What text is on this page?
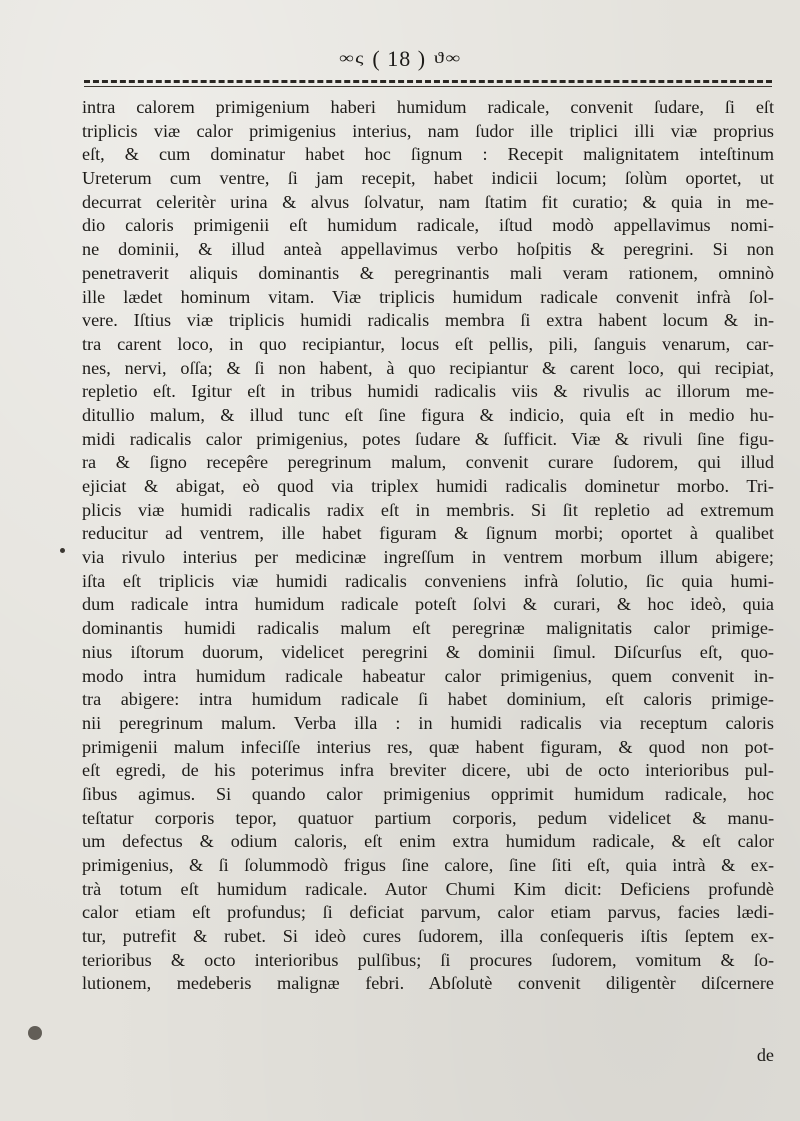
∞ς ( 18 ) ϑ∞
intra calorem primigenium haberi humidum radicale, convenit ſudare, ſi eſt
triplicis viæ calor primigenius interius, nam ſudor ille triplici illi viæ proprius
eſt, & cum dominatur habet hoc ſignum : Recepit malignitatem inteſtinum
Ureterum cum ventre, ſi jam recepit, habet indicii locum; ſolùm oportet, ut
decurrat celeritèr urina & alvus ſolvatur, nam ſtatim fit curatio; & quia in me-
dio caloris primigenii eſt humidum radicale, iſtud modò appellavimus nomi-
ne dominii, & illud anteà appellavimus verbo hoſpitis & peregrini. Si non
penetraverit aliquis dominantis & peregrinantis mali veram rationem, omninò
ille lædet hominum vitam. Viæ triplicis humidum radicale convenit infrà ſol-
vere. Iſtius viæ triplicis humidi radicalis membra ſi extra habent locum & in-
tra carent loco, in quo recipiantur, locus eſt pellis, pili, ſanguis venarum, car-
nes, nervi, oſſa; & ſi non habent, à quo recipiantur & carent loco, qui recipiat,
repletio eſt. Igitur eſt in tribus humidi radicalis viis & rivulis ac illorum me-
ditullio malum, & illud tunc eſt ſine figura & indicio, quia eſt in medio hu-
midi radicalis calor primigenius, potes ſudare & ſufficit. Viæ & rivuli ſine figu-
ra & ſigno recepêre peregrinum malum, convenit curare ſudorem, qui illud
ejiciat & abigat, eò quod via triplex humidi radicalis dominetur morbo. Tri-
plicis viæ humidi radicalis radix eſt in membris. Si ſit repletio ad extremum
reducitur ad ventrem, ille habet figuram & ſignum morbi; oportet à qualibet
via rivulo interius per medicinæ ingreſſum in ventrem morbum illum abigere;
iſta eſt triplicis viæ humidi radicalis conveniens infrà ſolutio, ſic quia humi-
dum radicale intra humidum radicale poteſt ſolvi & curari, & hoc ideò, quia
dominantis humidi radicalis malum eſt peregrinæ malignitatis calor primige-
nius iſtorum duorum, videlicet peregrini & dominii ſimul. Diſcurſus eſt, quo-
modo intra humidum radicale habeatur calor primigenius, quem convenit in-
tra abigere: intra humidum radicale ſi habet dominium, eſt caloris primige-
nii peregrinum malum. Verba illa : in humidi radicalis via receptum caloris
primigenii malum infeciſſe interius res, quæ habent figuram, & quod non pot-
eſt egredi, de his poterimus infra breviter dicere, ubi de octo interioribus pul-
ſibus agimus. Si quando calor primigenius opprimit humidum radicale, hoc
teſtatur corporis tepor, quatuor partium corporis, pedum videlicet & manu-
um defectus & odium caloris, eſt enim extra humidum radicale, & eſt calor
primigenius, & ſi ſolummodò frigus ſine calore, ſine ſiti eſt, quia intrà & ex-
trà totum eſt humidum radicale. Autor Chumi Kim dicit: Deficiens profundè
calor etiam eſt profundus; ſi deficiat parvum, calor etiam parvus, facies lædi-
tur, putrefit & rubet. Si ideò cures ſudorem, illa conſequeris iſtis ſeptem ex-
terioribus & octo interioribus pulſibus; ſi procures ſudorem, vomitum & ſo-
lutionem, medeberis malignæ febri. Abſolutè convenit diligentèr diſcernere
de
